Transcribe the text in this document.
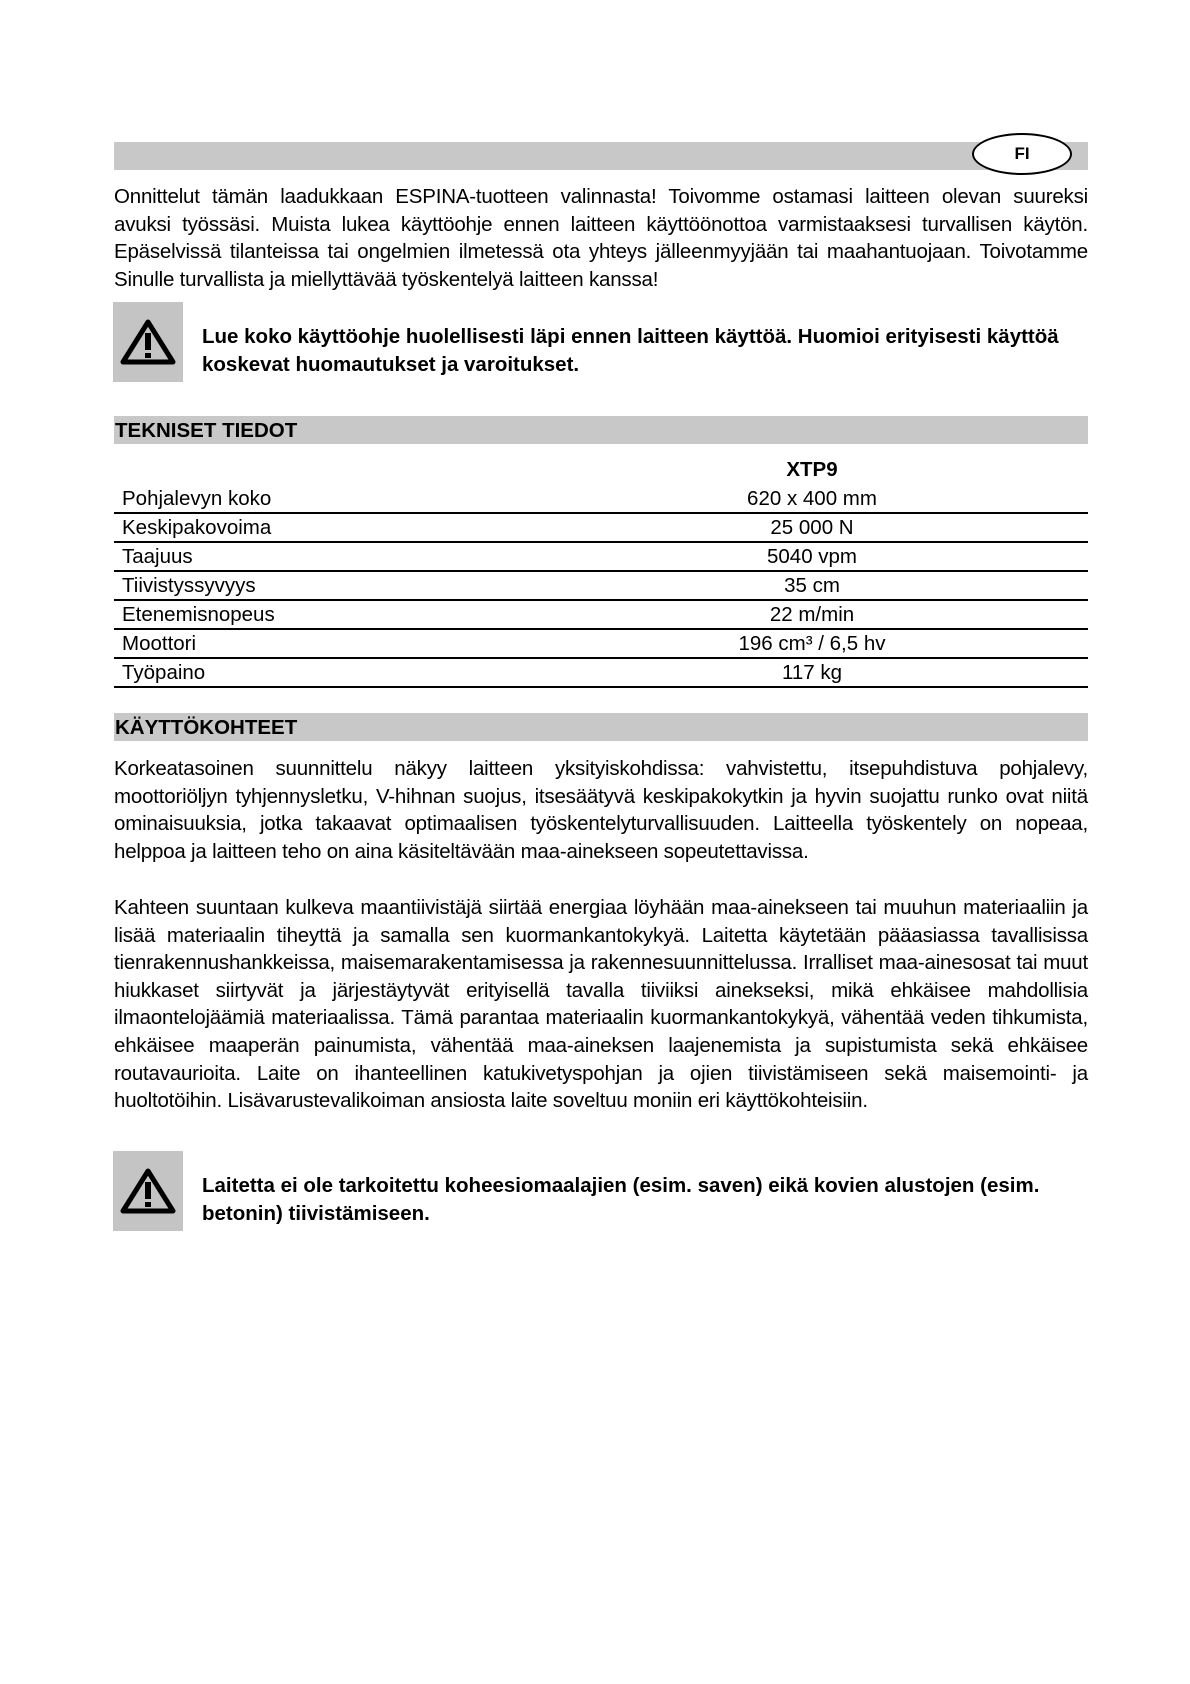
FI
Onnittelut tämän laadukkaan ESPINA-tuotteen valinnasta! Toivomme ostamasi laitteen olevan suureksi avuksi työssäsi. Muista lukea käyttöohje ennen laitteen käyttöönottoa varmistaaksesi turvallisen käytön. Epäselvissä tilanteissa tai ongelmien ilmetessä ota yhteys jälleenmyyjään tai maahantuojaan. Toivotamme Sinulle turvallista ja miellyttävää työskentelyä laitteen kanssa!
Lue koko käyttöohje huolellisesti läpi ennen laitteen käyttöä. Huomioi erityisesti käyttöä
koskevat huomautukset ja varoitukset.
TEKNISET TIEDOT
	XTP9
Pohjalevyn koko	620 x 400 mm
Keskipakovoima	25 000 N
Taajuus	5040 vpm
Tiivistyssyvyys	35 cm
Etenemisnopeus	22 m/min
Moottori	196 cm³ / 6,5 hv
Työpaino	117 kg
KÄYTTÖKOHTEET
Korkeatasoinen suunnittelu näkyy laitteen yksityiskohdissa: vahvistettu, itsepuhdistuva pohjalevy, moottoriöljyn tyhjennysletku, V-hihnan suojus, itsesäätyvä keskipakokytkin ja hyvin suojattu runko ovat niitä ominaisuuksia, jotka takaavat optimaalisen työskentelyturvallisuuden. Laitteella työskentely on nopeaa, helppoa ja laitteen teho on aina käsiteltävään maa-ainekseen sopeutettavissa.
Kahteen suuntaan kulkeva maantiivistäjä siirtää energiaa löyhään maa-ainekseen tai muuhun materiaaliin ja lisää materiaalin tiheyttä ja samalla sen kuormankantokykyä. Laitetta käytetään pääasiassa tavallisissa tienrakennushankkeissa, maisemarakentamisessa ja rakennesuunnittelussa. Irralliset maa-ainesosat tai muut hiukkaset siirtyvät ja järjestäytyvät erityisellä tavalla tiiviiksi ainekseksi, mikä ehkäisee mahdollisia ilmaontelojäämiä materiaalissa. Tämä parantaa materiaalin kuormankantokykyä, vähentää veden tihkumista, ehkäisee maaperän painumista, vähentää maa-aineksen laajenemista ja supistumista sekä ehkäisee routavaurioita. Laite on ihanteellinen katukivetyspohjan ja ojien tiivistämiseen sekä maisemointi- ja huoltotöihin. Lisävarustevalikoiman ansiosta laite soveltuu moniin eri käyttökohteisiin.
Laitetta ei ole tarkoitettu koheesiomaalajien (esim. saven) eikä kovien alustojen (esim.
betonin) tiivistämiseen.
